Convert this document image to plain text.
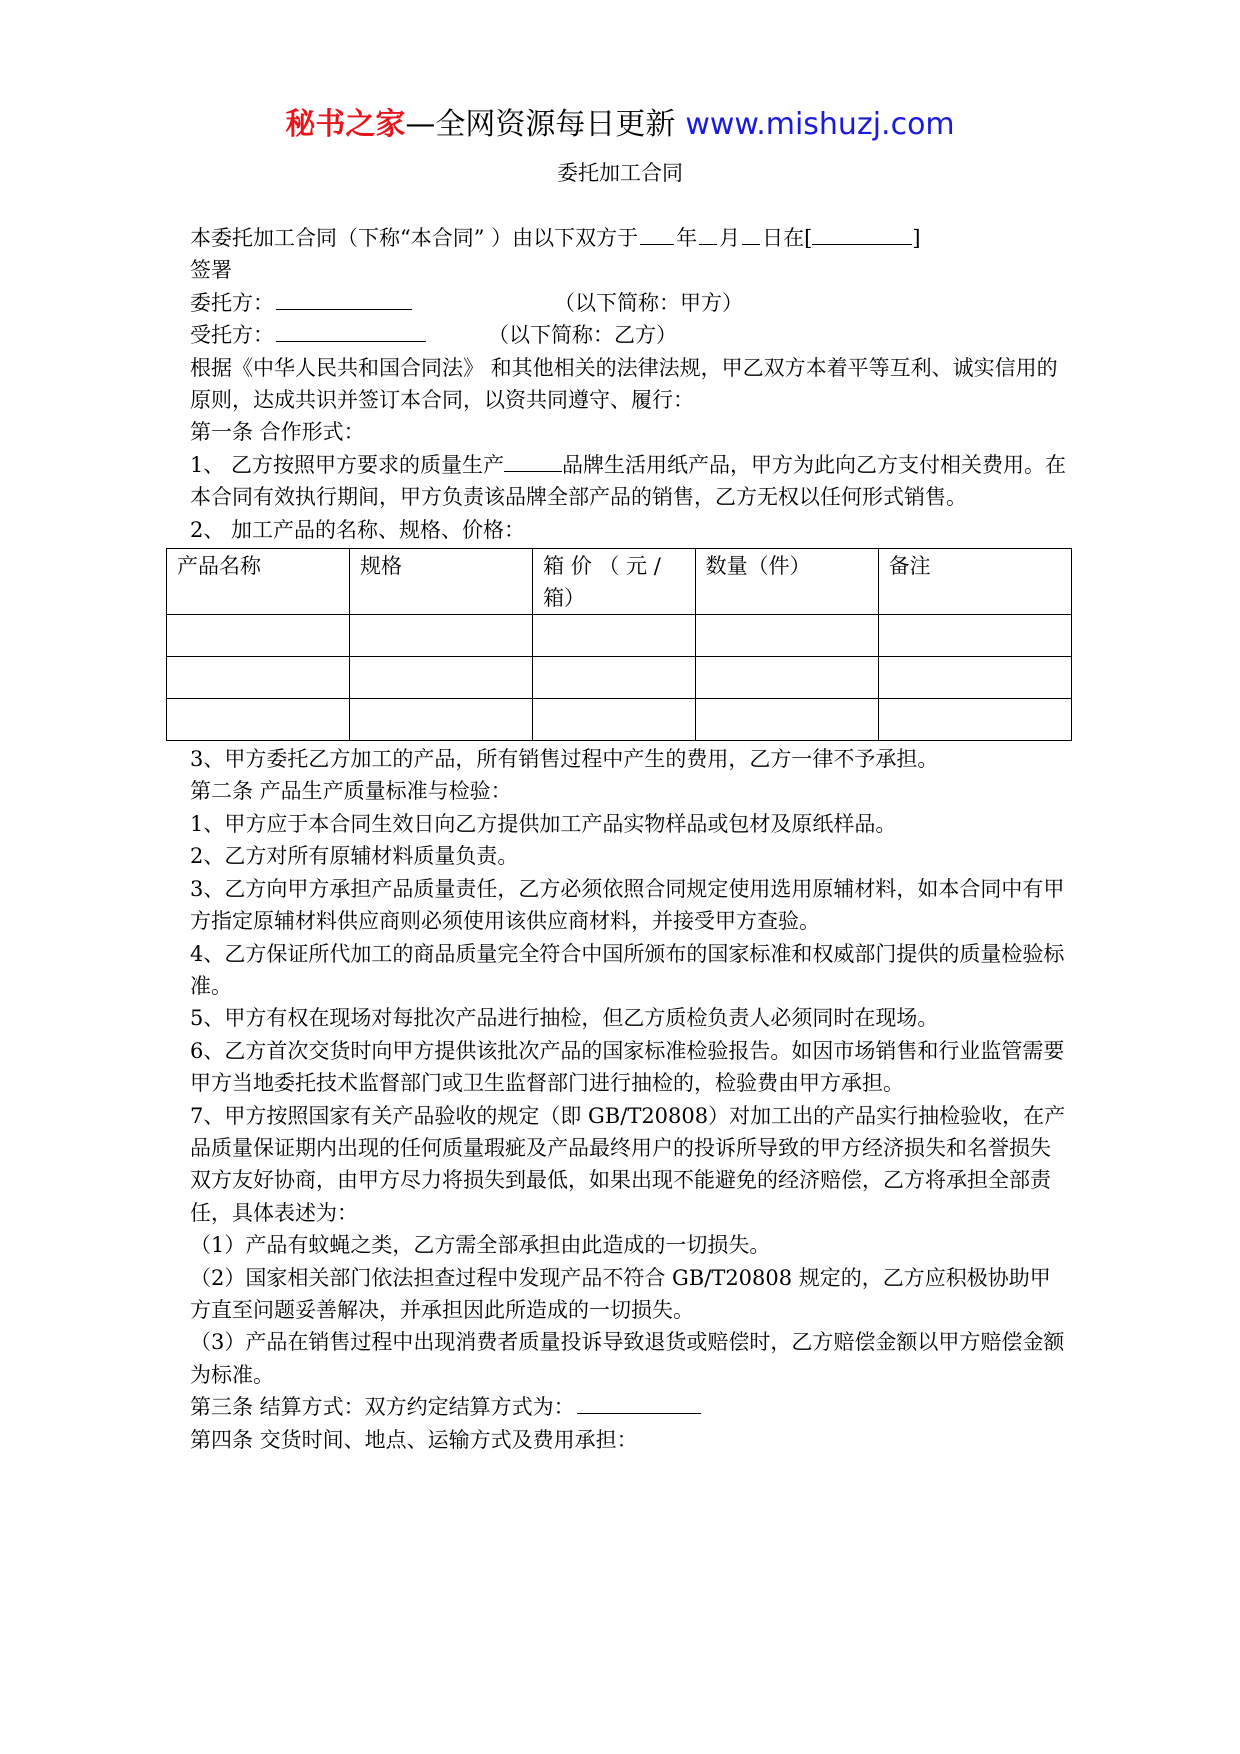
秘书之家—全网资源每日更新 www.mishuzj.com
委托加工合同

本委托加工合同（下称“本合同” ）由以下双方于 年 月 日在[	]

签署

委托方：	（以下简称：甲方）

受托方：	（以下简称：乙方）

根据《中华人民共和国合同法》 和其他相关的法律法规，甲乙双方本着平等互利、诚实信用的原则，达成共识并签订本合同，以资共同遵守、履行：

第一条 合作形式：

1、 乙方按照甲方要求的质量生产	品牌生活用纸产品，甲方为此向乙方支付相关费用。在本合同有效执行期间，甲方负责该品牌全部产品的销售，乙方无权以任何形式销售。

2、 加工产品的名称、规格、价格：

产品名称	规格	箱 价 （ 元 / 箱）	数量（件）	备注

3、甲方委托乙方加工的产品，所有销售过程中产生的费用，乙方一律不予承担。

第二条 产品生产质量标准与检验：

1、甲方应于本合同生效日向乙方提供加工产品实物样品或包材及原纸样品。

2、乙方对所有原辅材料质量负责。

3、乙方向甲方承担产品质量责任，乙方必须依照合同规定使用选用原辅材料，如本合同中有甲方指定原辅材料供应商则必须使用该供应商材料，并接受甲方查验。

4、乙方保证所代加工的商品质量完全符合中国所颁布的国家标准和权威部门提供的质量检验标准。

5、甲方有权在现场对每批次产品进行抽检，但乙方质检负责人必须同时在现场。

6、乙方首次交货时向甲方提供该批次产品的国家标准检验报告。如因市场销售和行业监管需要甲方当地委托技术监督部门或卫生监督部门进行抽检的，检验费由甲方承担。

7、甲方按照国家有关产品验收的规定（即 GB/T20808）对加工出的产品实行抽检验收，在产品质量保证期内出现的任何质量瑕疵及产品最终用户的投诉所导致的甲方经济损失和名誉损失双方友好协商，由甲方尽力将损失到最低，如果出现不能避免的经济赔偿，乙方将承担全部责任，具体表述为：

（1）产品有蚊蝇之类，乙方需全部承担由此造成的一切损失。

（2）国家相关部门依法担查过程中发现产品不符合 GB/T20808 规定的，乙方应积极协助甲方直至问题妥善解决，并承担因此所造成的一切损失。

（3）产品在销售过程中出现消费者质量投诉导致退货或赔偿时，乙方赔偿金额以甲方赔偿金额为标准。

第三条 结算方式：双方约定结算方式为：

第四条 交货时间、地点、运输方式及费用承担：
